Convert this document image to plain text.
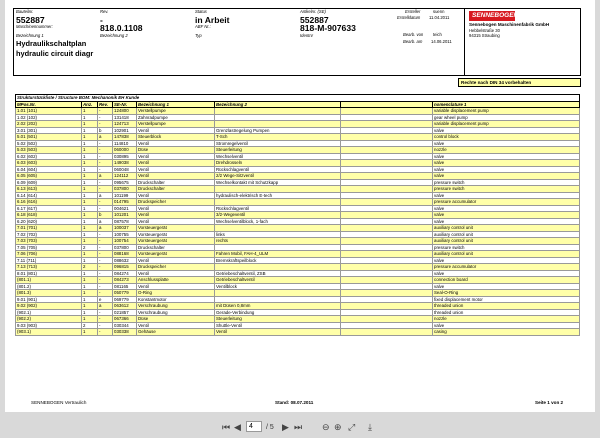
Bauteilnr.
552887
Rev.
-
Status
in Arbeit
Artikelnr. (SE)
552887
Ersteller	suenn
Erstelldatum 11.04.2011
Maschinennummer:	818.0.1108	ABF Nr.:	818-M-907633
Bezeichnung 1	Bezeichnung 2	Typ	Identnr	Bearb. von teich
Hydraulikschaltplan	Bearb. am 14.06.2011
hydraulic circuit diagr
SENNEBOGEN
Sennebogen Maschinenfabrik GmbH
Hebbelstraße 30
94315 Straubing
Rechte nach DIN 34 vorbehalten
Strukturstückliste / Structure BOM: Mechanonik EH Kunde							
MPos.Nr.	Anz.	Rev.	SE-Nr.	Bezeichnung 1	Bezeichnung 2		nomenclature 1
1.01 (101)	1	-	124800	Verstellpumpe			variable displacement pump
1.02 (102)	1	-	131418	Zahnradpumpe			gear wheel pump
2.02 (202)	1	-	124713	Verstellpumpe			variable displacement pump
3.01 (301)	1	b	102901	Ventil	Grenzlastregelung Pumpen		valve
5.01 (501)	1	a	147838	Steuerblock	T-Sch		control block
5.02 (502)	1	-	114810	Ventil	Stromregelventil		valve
5.03 (503)	1	-	060000	Düse	Steuerleitung		nozzle
6.02 (602)	1	-	030895	Ventil	Wechselventil		valve
6.03 (603)	1	-	149038	Ventil	Drehdrosseln		valve
6.04 (604)	1	-	060048	Ventil	Rückschlagventil		valve
6.05 (605)	1	a	124112	Ventil	2/2 Wege-Sitzventil		valve
6.09 (609)	1	-	095675	Druckschalter	Wechselkontakt mit Schutzkapp		pressure switch
6.13 (613)	1	-	037800	Druckschalter			pressure switch
6.14 (614)	1	a	101199	Ventil	hydraulisch-elektrisch E-tech		valve
6.16 (616)	1	-	014795	Druckspeicher			pressure accumulator
6.17 (617)	1	-	004621	Ventil	Rückschlagventil		valve
6.18 (618)	1	b	101201	Ventil	3/2-Wegeventil		valve
6.20 (620)	1	a	087578	Ventil	Wechselventilblock, 1-fach		valve
7.01 (701)	1	a	100037	Vorsteuergerät			auxiliary control unit
7.02 (702)	1	-	100755	Vorsteuergerät	links		auxiliary control unit
7.03 (703)	1	-	100754	Vorsteuergerät	rechts		auxiliary control unit
7.05 (705)	2	-	037800	Druckschalter			pressure switch
7.06 (706)	1	-	088168	Vorsteuergerät	Fahren Mobil, FAH-4_ULM		auxiliary control unit
7.11 (711)	1	-	088632	Ventil	Bremskraftspeilblock		valve
7.13 (713)	2	-	096815	Druckspeicher			pressure accumulator
8.01 (801)	1	-	084274	Ventil	Getriebeschaltventil, ZSB		valve
(801.1)	1	-	084273	Anschlussplatte	Getriebeschaltventil		connection board
(801.2)	1	-	081165	Ventil	Ventilblock		valve
(801.3)	1	-	050779	O-Ring			Seal-O-Ring
9.01 (901)	1	e	069779	Konstantmotor			fixed displacement motor
9.02 (902)	1	a	063612	Verschraubung	mit Düsen 0,8mm		threaded union
(902.1)	1	-	021857	Verschraubung	Gerade-Verbindung		threaded union
(902.2)	1	-	067366	Düse	Steuerleitung		nozzle
9.03 (903)	2	-	030344	Ventil	Shuttle-Ventil		valve
(903.1)	1	-	030338	Gehäuse	Ventil		casing
SENNEBOGEN Vertraulich	Stand: 08.07.2011	Seite 1 von 2
⏮ ◀
4	/ 5 ▶ ⏭ ⊖ ⊕ ⤢ ⤓
